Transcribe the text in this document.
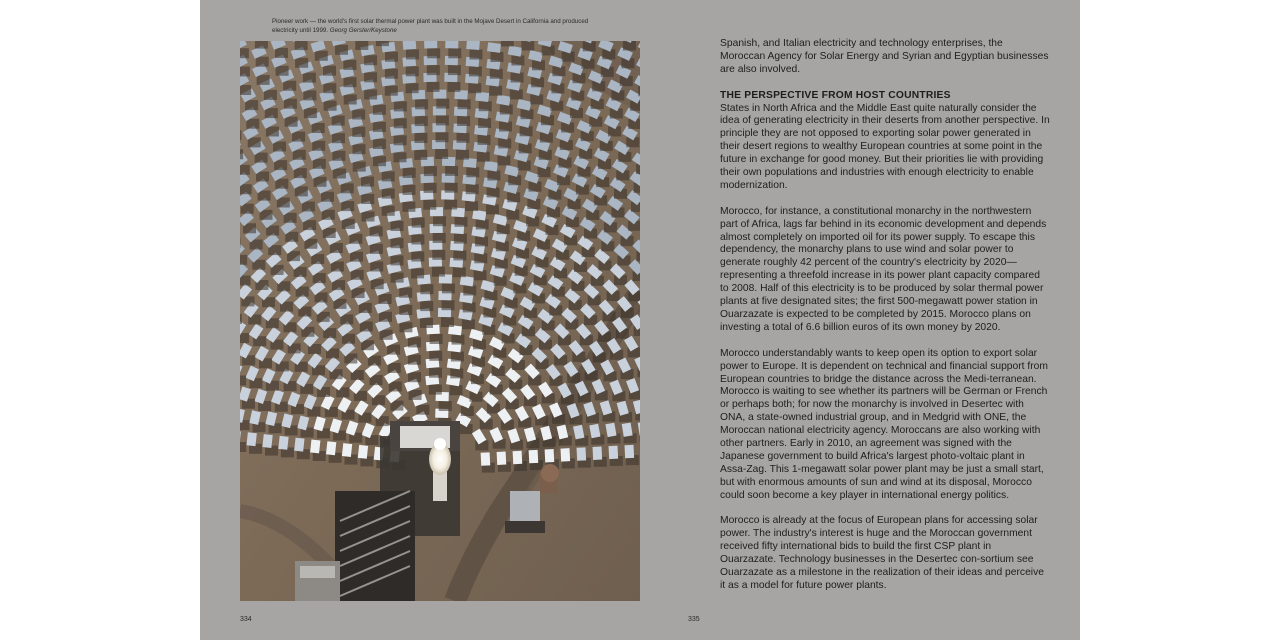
Pioneer work — the world's first solar thermal power plant was built in the Mojave Desert in California and produced electricity until 1999. Georg Gerster/Keystone
334	335

Spanish, and Italian electricity and technology enterprises, the Moroccan Agency for Solar Energy and Syrian and Egyptian businesses are also involved.

THE PERSPECTIVE FROM HOST COUNTRIES

States in North Africa and the Middle East quite naturally consider the idea of generating electricity in their deserts from another perspective. In principle they are not opposed to exporting solar power generated in their desert regions to wealthy European countries at some point in the future in exchange for good money. But their priorities lie with providing their own populations and industries with enough electricity to enable modernization.

Morocco, for instance, a constitutional monarchy in the northwestern part of Africa, lags far behind in its economic development and depends almost completely on imported oil for its power supply. To escape this dependency, the monarchy plans to use wind and solar power to generate roughly 42 percent of the country's electricity by 2020—representing a threefold increase in its power plant capacity compared to 2008. Half of this electricity is to be produced by solar thermal power plants at five designated sites; the first 500-megawatt power station in Ouarzazate is expected to be completed by 2015. Morocco plans on investing a total of 6.6 billion euros of its own money by 2020.

Morocco understandably wants to keep open its option to export solar power to Europe. It is dependent on technical and financial support from European countries to bridge the distance across the Medi-terranean. Morocco is waiting to see whether its partners will be German or French or perhaps both; for now the monarchy is involved in Desertec with ONA, a state-owned industrial group, and in Medgrid with ONE, the Moroccan national electricity agency. Moroccans are also working with other partners. Early in 2010, an agreement was signed with the Japanese government to build Africa's largest photo-voltaic plant in Assa-Zag. This 1-megawatt solar power plant may be just a small start, but with enormous amounts of sun and wind at its disposal, Morocco could soon become a key player in international energy politics.

Morocco is already at the focus of European plans for accessing solar power. The industry's interest is huge and the Moroccan government received fifty international bids to build the first CSP plant in Ouarzazate. Technology businesses in the Desertec con-sortium see Ouarzazate as a milestone in the realization of their ideas and perceive it as a model for future power plants.
